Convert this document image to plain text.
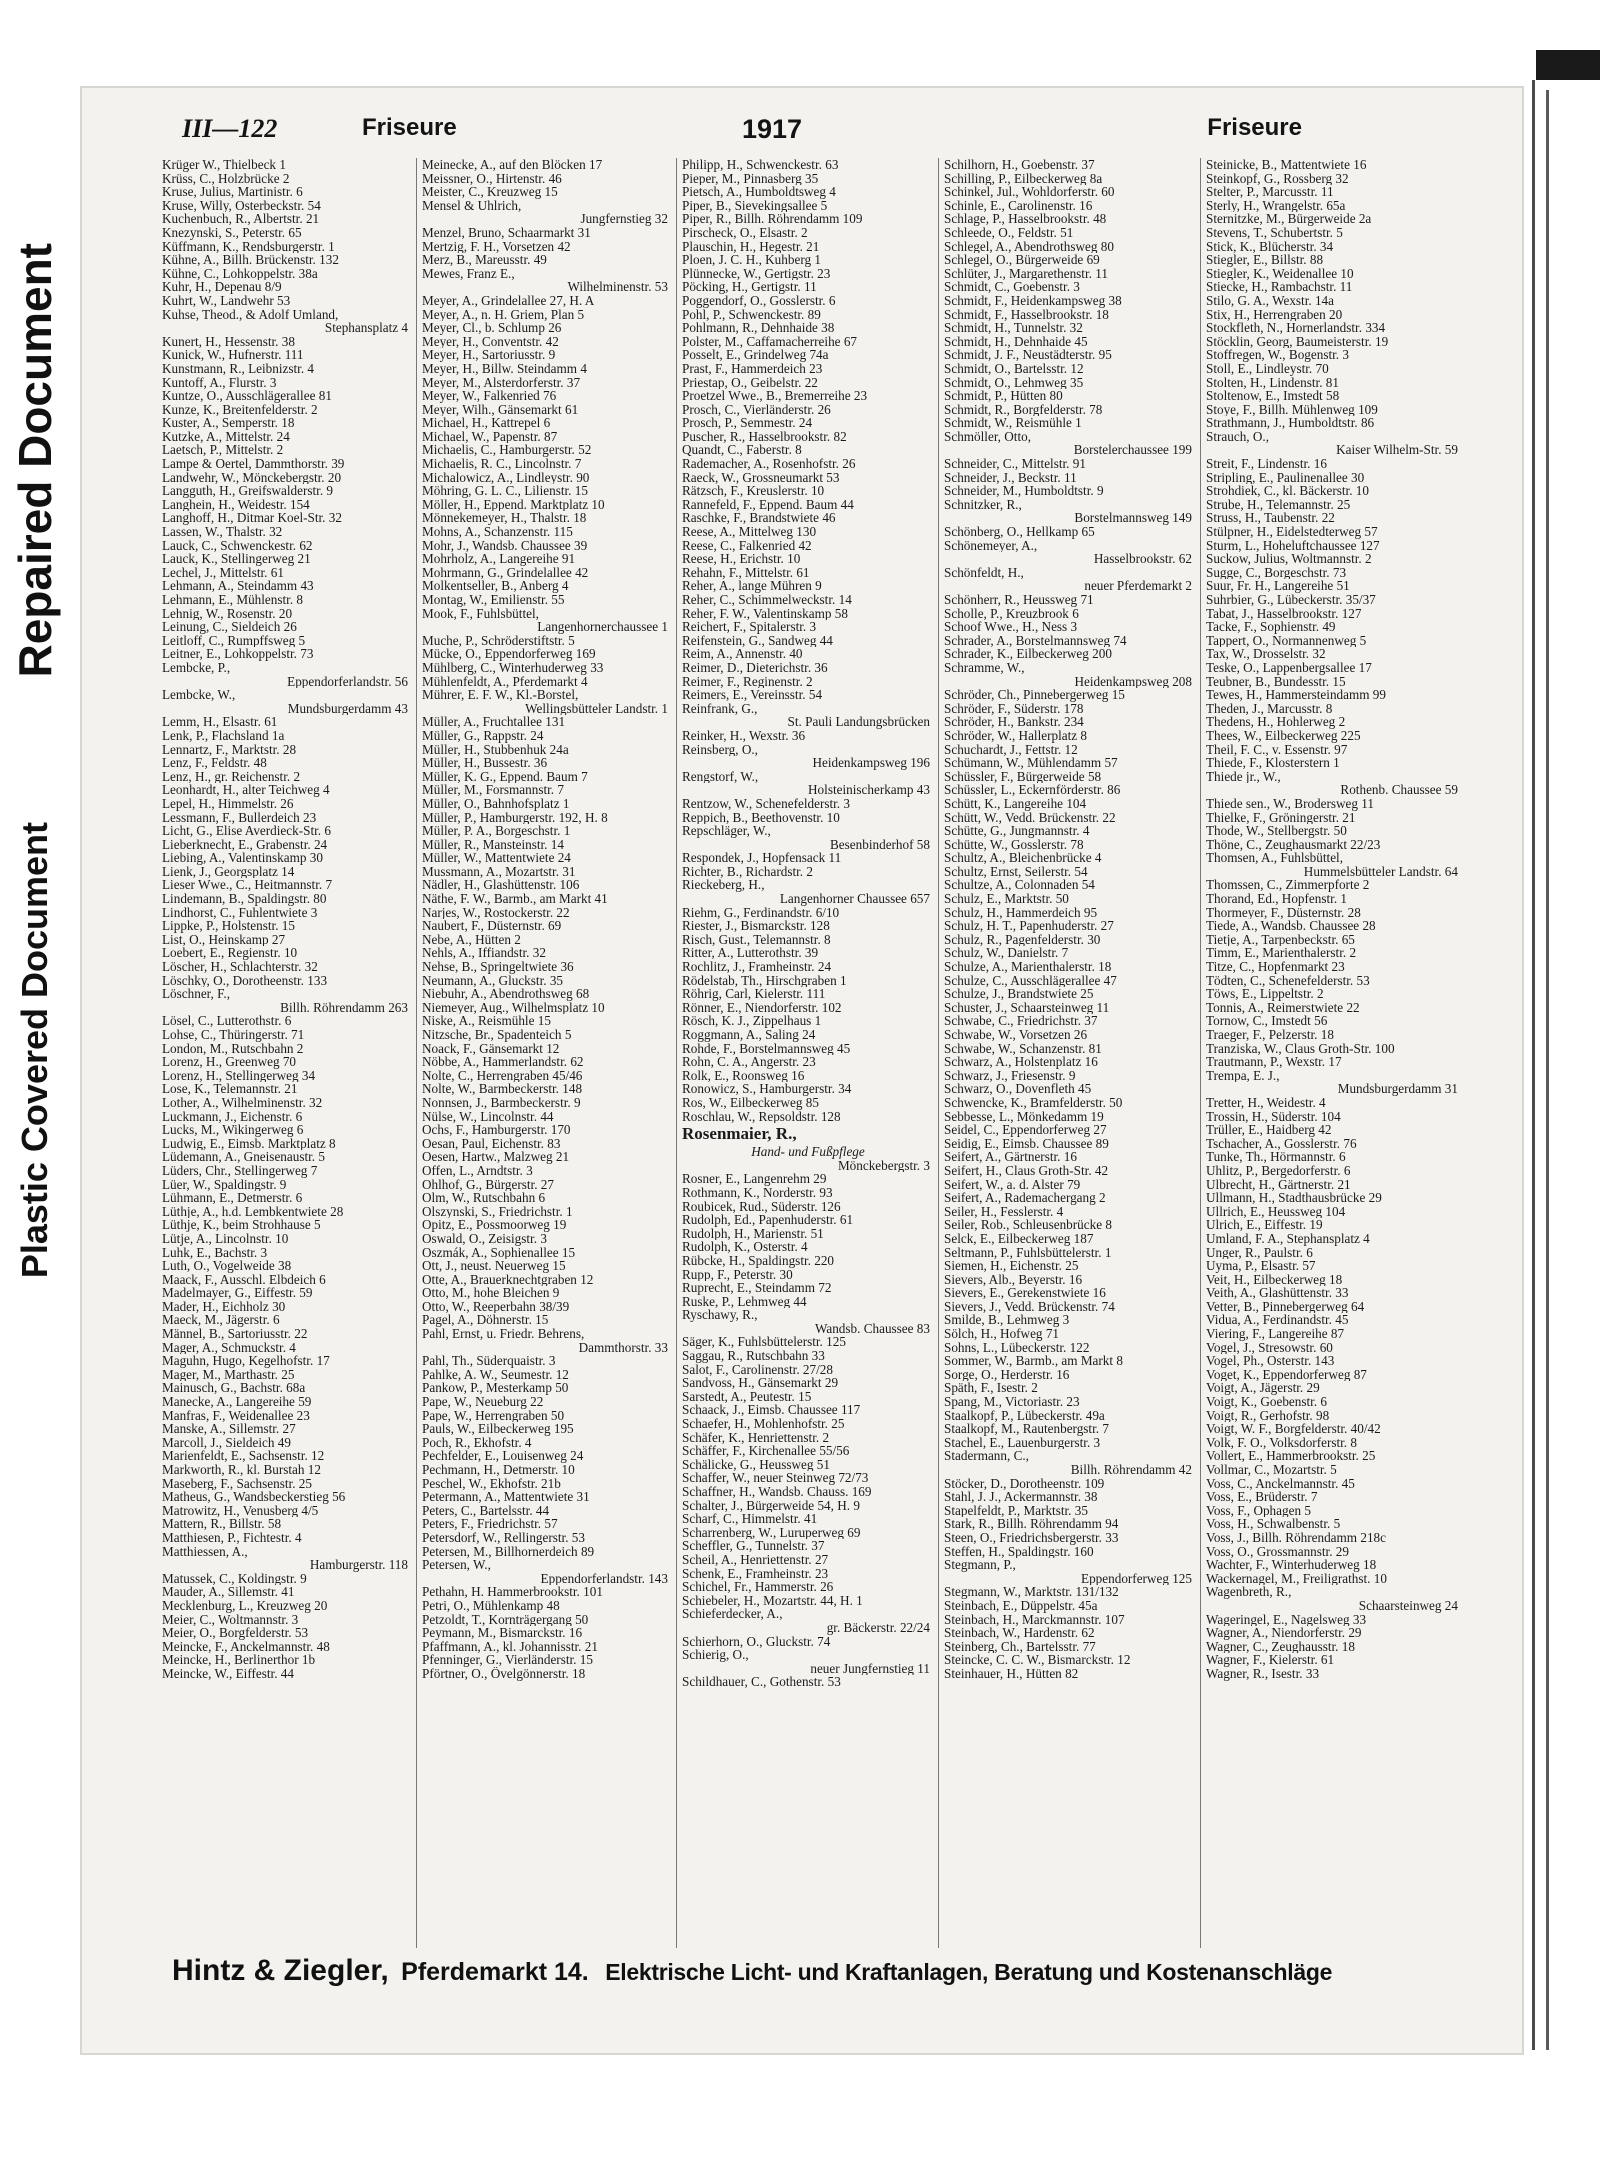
Repaired Document
Plastic Covered Document
III—122	Friseure	1917	Friseure
Krüger W., Thielbeck 1
Krüss, C., Holzbrücke 2
Kruse, Julius, Martinistr. 6
Kruse, Willy, Osterbeckstr. 54
Kuchenbuch, R., Albertstr. 21
Knezynski, S., Peterstr. 65
Küffmann, K., Rendsburgerstr. 1
Kühne, A., Billh. Brückenstr. 132
Kühne, C., Lohkoppelstr. 38a
Kuhr, H., Depenau 8/9
Kuhrt, W., Landwehr 53
Kuhse, Theod., & Adolf Umland,
Stephansplatz 4
Kunert, H., Hessenstr. 38
Kunick, W., Hufnerstr. 111
Kunstmann, R., Leibnizstr. 4
Kuntoff, A., Flurstr. 3
Kuntze, O., Ausschlägerallee 81
Kunze, K., Breitenfelderstr. 2
Kuster, A., Semperstr. 18
Kutzke, A., Mittelstr. 24
Laetsch, P., Mittelstr. 2
Lampe & Oertel, Dammthorstr. 39
Landwehr, W., Mönckebergstr. 20
Langguth, H., Greifswalderstr. 9
Langhein, H., Weidestr. 154
Langhoff, H., Ditmar Koel-Str. 32
Lassen, W., Thalstr. 32
Lauck, C., Schwenckestr. 62
Lauck, K., Stellingerweg 21
Lechel, J., Mittelstr. 61
Lehmann, A., Steindamm 43
Lehmann, E., Mühlenstr. 8
Lehnig, W., Rosenstr. 20
Leinung, C., Sieldeich 26
Leitloff, C., Rumpffsweg 5
Leitner, E., Lohkoppelstr. 73
Lembcke, P.,
Eppendorferlandstr. 56
Lembcke, W.,
Mundsburgerdamm 43
Lemm, H., Elsastr. 61
Lenk, P., Flachsland 1a
Lennartz, F., Marktstr. 28
Lenz, F., Feldstr. 48
Lenz, H., gr. Reichenstr. 2
Leonhardt, H., alter Teichweg 4
Lepel, H., Himmelstr. 26
Lessmann, F., Bullerdeich 23
Licht, G., Elise Averdieck-Str. 6
Lieberknecht, E., Grabenstr. 24
Liebing, A., Valentinskamp 30
Lienk, J., Georgsplatz 14
Lieser Wwe., C., Heitmannstr. 7
Lindemann, B., Spaldingstr. 80
Lindhorst, C., Fuhlentwiete 3
Lippke, P., Holstenstr. 15
List, O., Heinskamp 27
Loebert, E., Regienstr. 10
Löscher, H., Schlachterstr. 32
Löschky, O., Dorotheenstr. 133
Löschner, F.,
Billh. Röhrendamm 263
Lösel, C., Lutterothstr. 6
Lohse, C., Thüringerstr. 71
London, M., Rutschbahn 2
Lorenz, H., Greenweg 70
Lorenz, H., Stellingerweg 34
Lose, K., Telemannstr. 21
Lother, A., Wilhelminenstr. 32
Luckmann, J., Eichenstr. 6
Lucks, M., Wikingerweg 6
Ludwig, E., Eimsb. Marktplatz 8
Lüdemann, A., Gneisenaustr. 5
Lüders, Chr., Stellingerweg 7
Lüer, W., Spaldingstr. 9
Lühmann, E., Detmerstr. 6
Lüthje, A., h.d. Lembkentwiete 28
Lüthje, K., beim Strohhause 5
Lütje, A., Lincolnstr. 10
Luhk, E., Bachstr. 3
Luth, O., Vogelweide 38
Maack, F., Ausschl. Elbdeich 6
Madelmayer, G., Eiffestr. 59
Mader, H., Eichholz 30
Maeck, M., Jägerstr. 6
Männel, B., Sartoriusstr. 22
Mager, A., Schmuckstr. 4
Maguhn, Hugo, Kegelhofstr. 17
Mager, M., Marthastr. 25
Mainusch, G., Bachstr. 68a
Manecke, A., Langereihe 59
Manfras, F., Weidenallee 23
Manske, A., Sillemstr. 27
Marcoll, J., Sieldeich 49
Marienfeldt, E., Sachsenstr. 12
Markworth, R., kl. Burstah 12
Maseberg, F., Sachsenstr. 25
Matheus, G., Wandsbeckerstieg 56
Matrowitz, H., Venusberg 4/5
Mattern, R., Billstr. 58
Matthiesen, P., Fichtestr. 4
Matthiessen, A.,
Hamburgerstr. 118
Matussek, C., Koldingstr. 9
Mauder, A., Sillemstr. 41
Mecklenburg, L., Kreuzweg 20
Meier, C., Woltmannstr. 3
Meier, O., Borgfelderstr. 53
Meincke, F., Anckelmannstr. 48
Meincke, H., Berlinerthor 1b
Meincke, W., Eiffestr. 44
Meinecke, A., auf den Blöcken 17
Meissner, O., Hirtenstr. 46
Meister, C., Kreuzweg 15
Mensel & Uhlrich,
Jungfernstieg 32
Menzel, Bruno, Schaarmarkt 31
Mertzig, F. H., Vorsetzen 42
Merz, B., Mareusstr. 49
Mewes, Franz E.,
Wilhelminenstr. 53
Meyer, A., Grindelallee 27, H. A
Meyer, A., n. H. Griem, Plan 5
Meyer, Cl., b. Schlump 26
Meyer, H., Conventstr. 42
Meyer, H., Sartoriusstr. 9
Meyer, H., Billw. Steindamm 4
Meyer, M., Alsterdorferstr. 37
Meyer, W., Falkenried 76
Meyer, Wilh., Gänsemarkt 61
Michael, H., Kattrepel 6
Michael, W., Papenstr. 87
Michaelis, C., Hamburgerstr. 52
Michaelis, R. C., Lincolnstr. 7
Michalowicz, A., Lindleystr. 90
Möhring, G. L. C., Lilienstr. 15
Möller, H., Eppend. Marktplatz 10
Mönnekemeyer, H., Thalstr. 18
Mohns, A., Schanzenstr. 115
Mohr, J., Wandsb. Chaussee 39
Mohrholz, A., Langereihe 91
Mohrmann, G., Grindelallee 42
Molkentseller, B., Anberg 4
Montag, W., Emilienstr. 55
Mook, F., Fuhlsbüttel,
Langenhornerchaussee 1
Muche, P., Schröderstiftstr. 5
Mücke, O., Eppendorferweg 169
Mühlberg, C., Winterhuderweg 33
Mühlenfeldt, A., Pferdemarkt 4
Mührer, E. F. W., Kl.-Borstel,
Wellingsbütteler Landstr. 1
Müller, A., Fruchtallee 131
Müller, G., Rappstr. 24
Müller, H., Stubbenhuk 24a
Müller, H., Bussestr. 36
Müller, K. G., Eppend. Baum 7
Müller, M., Forsmannstr. 7
Müller, O., Bahnhofsplatz 1
Müller, P., Hamburgerstr. 192, H. 8
Müller, P. A., Borgeschstr. 1
Müller, R., Mansteinstr. 14
Müller, W., Mattentwiete 24
Mussmann, A., Mozartstr. 31
Nädler, H., Glashüttenstr. 106
Näthe, F. W., Barmb., am Markt 41
Narjes, W., Rostockerstr. 22
Naubert, F., Düsternstr. 69
Nebe, A., Hütten 2
Nehls, A., Iffiandstr. 32
Nehse, B., Springeltwiete 36
Neumann, A., Gluckstr. 35
Niebuhr, A., Abendrothsweg 68
Niemeyer, Aug., Wilhelmsplatz 10
Niske, A., Reismühle 15
Nitzsche, Br., Spadenteich 5
Noack, F., Gänsemarkt 12
Nöbbe, A., Hammerlandstr. 62
Nolte, C., Herrengraben 45/46
Nolte, W., Barmbeckerstr. 148
Nonnsen, J., Barmbeckerstr. 9
Nülse, W., Lincolnstr. 44
Ochs, F., Hamburgerstr. 170
Oesan, Paul, Eichenstr. 83
Oesen, Hartw., Malzweg 21
Offen, L., Arndtstr. 3
Ohlhof, G., Bürgerstr. 27
Olm, W., Rutschbahn 6
Olszynski, S., Friedrichstr. 1
Opitz, E., Possmoorweg 19
Oswald, O., Zeisigstr. 3
Oszmák, A., Sophienallee 15
Ott, J., neust. Neuerweg 15
Otte, A., Brauerknechtgraben 12
Otto, M., hohe Bleichen 9
Otto, W., Reeperbahn 38/39
Pagel, A., Döhnerstr. 15
Pahl, Ernst, u. Friedr. Behrens,
Dammthorstr. 33
Pahl, Th., Süderquaistr. 3
Pahlke, A. W., Seumestr. 12
Pankow, P., Mesterkamp 50
Pape, W., Neueburg 22
Pape, W., Herrengraben 50
Pauls, W., Eilbeckerweg 195
Poch, R., Ekhofstr. 4
Pechfelder, E., Louisenweg 24
Pechmann, H., Detmerstr. 10
Peschel, W., Ekhofstr. 21b
Petermann, A., Mattentwiete 31
Peters, C., Bartelsstr. 44
Peters, F., Friedrichstr. 57
Petersdorf, W., Rellingerstr. 53
Petersen, M., Billhornerdeich 89
Petersen, W.,
Eppendorferlandstr. 143
Pethahn, H. Hammerbrookstr. 101
Petri, O., Mühlenkamp 48
Petzoldt, T., Kornträgergang 50
Peymann, M., Bismarckstr. 16
Pfaffmann, A., kl. Johannisstr. 21
Pfenninger, G., Vierländerstr. 15
Pförtner, O., Övelgönnerstr. 18
Philipp, H., Schwenckestr. 63
Pieper, M., Pinnasberg 35
Pietsch, A., Humboldtsweg 4
Piper, B., Sievekingsallee 5
Piper, R., Billh. Röhrendamm 109
Pirscheck, O., Elsastr. 2
Plauschin, H., Hegestr. 21
Ploen, J. C. H., Kuhberg 1
Plünnecke, W., Gertigstr. 23
Pöcking, H., Gertigstr. 11
Poggendorf, O., Gosslerstr. 6
Pohl, P., Schwenckestr. 89
Pohlmann, R., Dehnhaide 38
Polster, M., Caffamacherreihe 67
Posselt, E., Grindelweg 74a
Prast, F., Hammerdeich 23
Priestap, O., Geibelstr. 22
Proetzel Wwe., B., Bremerreihe 23
Prosch, C., Vierländerstr. 26
Prosch, P., Semmestr. 24
Puscher, R., Hasselbrookstr. 82
Quandt, C., Faberstr. 8
Rademacher, A., Rosenhofstr. 26
Raeck, W., Grossneumarkt 53
Rätzsch, F., Kreuslerstr. 10
Rannefeld, F., Eppend. Baum 44
Raschke, F., Brandstwiete 46
Reese, A., Mittelweg 130
Reese, C., Falkenried 42
Reese, H., Erichstr. 10
Rehahn, F., Mittelstr. 61
Reher, A., lange Mühren 9
Reher, C., Schimmelweckstr. 14
Reher, F. W., Valentinskamp 58
Reichert, F., Spitalerstr. 3
Reifenstein, G., Sandweg 44
Reim, A., Annenstr. 40
Reimer, D., Dieterichstr. 36
Reimer, F., Reginenstr. 2
Reimers, E., Vereinsstr. 54
Reinfrank, G.,
St. Pauli Landungsbrücken
Reinker, H., Wexstr. 36
Reinsberg, O.,
Heidenkampsweg 196
Rengstorf, W.,
Holsteinischerkamp 43
Rentzow, W., Schenefelderstr. 3
Reppich, B., Beethovenstr. 10
Repschläger, W.,
Besenbinderhof 58
Respondek, J., Hopfensack 11
Richter, B., Richardstr. 2
Rieckeberg, H.,
Langenhorner Chaussee 657
Riehm, G., Ferdinandstr. 6/10
Riester, J., Bismarckstr. 128
Risch, Gust., Telemannstr. 8
Ritter, A., Lutterothstr. 39
Rochlitz, J., Framheinstr. 24
Rödelstab, Th., Hirschgraben 1
Röhrig, Carl, Kielerstr. 111
Rönner, E., Niendorferstr. 102
Rösch, K. J., Zippelhaus 1
Roggmann, A., Saling 24
Rohde, F., Borstelmannsweg 45
Rohn, C. A., Angerstr. 23
Rolk, E., Roonsweg 16
Ronowicz, S., Hamburgerstr. 34
Ros, W., Eilbeckerweg 85
Roschlau, W., Repsoldstr. 128
Rosenmaier, R.,
Hand- und Fußpflege
Mönckebergstr. 3
Rosner, E., Langenrehm 29
Rothmann, K., Norderstr. 93
Roubicek, Rud., Süderstr. 126
Rudolph, Ed., Papenhuderstr. 61
Rudolph, H., Marienstr. 51
Rudolph, K., Osterstr. 4
Rübcke, H., Spaldingstr. 220
Rupp, F., Peterstr. 30
Ruprecht, E., Steindamm 72
Ruske, P., Lehmweg 44
Ryschawy, R.,
Wandsb. Chaussee 83
Säger, K., Fuhlsbüttelerstr. 125
Saggau, R., Rutschbahn 33
Salot, F., Carolinenstr. 27/28
Sandvoss, H., Gänsemarkt 29
Sarstedt, A., Peutestr. 15
Schaack, J., Eimsb. Chaussee 117
Schaefer, H., Mohlenhofstr. 25
Schäfer, K., Henriettenstr. 2
Schäffer, F., Kirchenallee 55/56
Schälicke, G., Heussweg 51
Schaffer, W., neuer Steinweg 72/73
Schaffner, H., Wandsb. Chauss. 169
Schalter, J., Bürgerweide 54, H. 9
Scharf, C., Himmelstr. 41
Scharrenberg, W., Luruperweg 69
Scheffler, G., Tunnelstr. 37
Scheil, A., Henriettenstr. 27
Schenk, E., Framheinstr. 23
Schichel, Fr., Hammerstr. 26
Schiebeler, H., Mozartstr. 44, H. 1
Schieferdecker, A.,
gr. Bäckerstr. 22/24
Schierhorn, O., Gluckstr. 74
Schierig, O.,
neuer Jungfernstieg 11
Schildhauer, C., Gothenstr. 53
Schilhorn, H., Goebenstr. 37
Schilling, P., Eilbeckerweg 8a
Schinkel, Jul., Wohldorferstr. 60
Schinle, E., Carolinenstr. 16
Schlage, P., Hasselbrookstr. 48
Schleede, O., Feldstr. 51
Schlegel, A., Abendrothsweg 80
Schlegel, O., Bürgerweide 69
Schlüter, J., Margarethenstr. 11
Schmidt, C., Goebenstr. 3
Schmidt, F., Heidenkampsweg 38
Schmidt, F., Hasselbrookstr. 18
Schmidt, H., Tunnelstr. 32
Schmidt, H., Dehnhaide 45
Schmidt, J. F., Neustädterstr. 95
Schmidt, O., Bartelsstr. 12
Schmidt, O., Lehmweg 35
Schmidt, P., Hütten 80
Schmidt, R., Borgfelderstr. 78
Schmidt, W., Reismühle 1
Schmöller, Otto,
Borstelerchaussee 199
Schneider, C., Mittelstr. 91
Schneider, J., Beckstr. 11
Schneider, M., Humboldtstr. 9
Schnitzker, R.,
Borstelmannsweg 149
Schönberg, O., Hellkamp 65
Schönemeyer, A.,
Hasselbrookstr. 62
Schönfeldt, H.,
neuer Pferdemarkt 2
Schönherr, R., Heussweg 71
Scholle, P., Kreuzbrook 6
Schoof Wwe., H., Ness 3
Schrader, A., Borstelmannsweg 74
Schrader, K., Eilbeckerweg 200
Schramme, W.,
Heidenkampsweg 208
Schröder, Ch., Pinnebergerweg 15
Schröder, F., Süderstr. 178
Schröder, H., Bankstr. 234
Schröder, W., Hallerplatz 8
Schuchardt, J., Fettstr. 12
Schümann, W., Mühlendamm 57
Schüssler, F., Bürgerweide 58
Schüssler, L., Eckernförderstr. 86
Schütt, K., Langereihe 104
Schütt, W., Vedd. Brückenstr. 22
Schütte, G., Jungmannstr. 4
Schütte, W., Gosslerstr. 78
Schultz, A., Bleichenbrücke 4
Schultz, Ernst, Seilerstr. 54
Schultze, A., Colonnaden 54
Schulz, E., Marktstr. 50
Schulz, H., Hammerdeich 95
Schulz, H. T., Papenhuderstr. 27
Schulz, R., Pagenfelderstr. 30
Schulz, W., Danielstr. 7
Schulze, A., Marienthalerstr. 18
Schulze, C., Ausschlägerallee 47
Schulze, J., Brandstwiete 25
Schuster, J., Schaarsteinweg 11
Schwabe, C., Friedrichstr. 37
Schwabe, W., Vorsetzen 26
Schwabe, W., Schanzenstr. 81
Schwarz, A., Holstenplatz 16
Schwarz, J., Friesenstr. 9
Schwarz, O., Dovenfleth 45
Schwencke, K., Bramfelderstr. 50
Sebbesse, L., Mönkedamm 19
Seidel, C., Eppendorferweg 27
Seidig, E., Eimsb. Chaussee 89
Seifert, A., Gärtnerstr. 16
Seifert, H., Claus Groth-Str. 42
Seifert, W., a. d. Alster 79
Seifert, A., Rademachergang 2
Seiler, H., Fesslerstr. 4
Seiler, Rob., Schleusenbrücke 8
Selck, E., Eilbeckerweg 187
Seltmann, P., Fuhlsbüttelerstr. 1
Siemen, H., Eichenstr. 25
Sievers, Alb., Beyerstr. 16
Sievers, E., Gerekenstwiete 16
Sievers, J., Vedd. Brückenstr. 74
Smilde, B., Lehmweg 3
Sölch, H., Hofweg 71
Sohns, L., Lübeckerstr. 122
Sommer, W., Barmb., am Markt 8
Sorge, O., Herderstr. 16
Späth, F., Isestr. 2
Spang, M., Victoriastr. 23
Staalkopf, P., Lübeckerstr. 49a
Staalkopf, M., Rautenbergstr. 7
Stachel, E., Lauenburgerstr. 3
Stadermann, C.,
Billh. Röhrendamm 42
Stöcker, D., Dorotheenstr. 109
Stahl, J. J., Ackermannstr. 38
Stapelfeldt, P., Marktstr. 35
Stark, R., Billh. Röhrendamm 94
Steen, O., Friedrichsbergerstr. 33
Steffen, H., Spaldingstr. 160
Stegmann, P.,
Eppendorferweg 125
Stegmann, W., Marktstr. 131/132
Steinbach, E., Düppelstr. 45a
Steinbach, H., Marckmannstr. 107
Steinbach, W., Hardenstr. 62
Steinberg, Ch., Bartelsstr. 77
Steincke, C. C. W., Bismarckstr. 12
Steinhauer, H., Hütten 82
Steinicke, B., Mattentwiete 16
Steinkopf, G., Rossberg 32
Stelter, P., Marcusstr. 11
Sterly, H., Wrangelstr. 65a
Sternitzke, M., Bürgerweide 2a
Stevens, T., Schubertstr. 5
Stick, K., Blücherstr. 34
Stiegler, E., Billstr. 88
Stiegler, K., Weidenallee 10
Stiecke, H., Rambachstr. 11
Stilo, G. A., Wexstr. 14a
Stix, H., Herrengraben 20
Stockfleth, N., Hornerlandstr. 334
Stöcklin, Georg, Baumeisterstr. 19
Stoffregen, W., Bogenstr. 3
Stoll, E., Lindleystr. 70
Stolten, H., Lindenstr. 81
Stoltenow, E., Imstedt 58
Stoye, F., Billh. Mühlenweg 109
Strathmann, J., Humboldtstr. 86
Strauch, O.,
Kaiser Wilhelm-Str. 59
Streit, F., Lindenstr. 16
Stripling, E., Paulinenallee 30
Strohdiek, C., kl. Bäckerstr. 10
Strube, H., Telemannstr. 25
Struss, H., Taubenstr. 22
Stülpner, H., Eidelstedterweg 57
Sturm, L., Hoheluftchaussee 127
Suckow, Julius, Woltmannstr. 2
Sugge, C., Borgeschstr. 73
Suur, Fr. H., Langereihe 51
Suhrbier, G., Lübeckerstr. 35/37
Tabat, J., Hasselbrookstr. 127
Tacke, F., Sophienstr. 49
Tappert, O., Normannenweg 5
Tax, W., Drosselstr. 32
Teske, O., Lappenbergsallee 17
Teubner, B., Bundesstr. 15
Tewes, H., Hammersteindamm 99
Theden, J., Marcusstr. 8
Thedens, H., Hohlerweg 2
Thees, W., Eilbeckerweg 225
Theil, F. C., v. Essenstr. 97
Thiede, F., Klosterstern 1
Thiede jr., W.,
Rothenb. Chaussee 59
Thiede sen., W., Brodersweg 11
Thielke, F., Gröningerstr. 21
Thode, W., Stellbergstr. 50
Thöne, C., Zeughausmarkt 22/23
Thomsen, A., Fuhlsbüttel,
Hummelsbütteler Landstr. 64
Thomssen, C., Zimmerpforte 2
Thorand, Ed., Hopfenstr. 1
Thormeyer, F., Düsternstr. 28
Tiede, A., Wandsb. Chaussee 28
Tietje, A., Tarpenbeckstr. 65
Timm, E., Marienthalerstr. 2
Titze, C., Hopfenmarkt 23
Tödten, C., Schenefelderstr. 53
Töws, E., Lippeltstr. 2
Tonnis, A., Reimerstwiete 22
Tornow, C., Imstedt 56
Traeger, F., Pelzerstr. 18
Tranziska, W., Claus Groth-Str. 100
Trautmann, P., Wexstr. 17
Trempa, E. J.,
Mundsburgerdamm 31
Tretter, H., Weidestr. 4
Trossin, H., Süderstr. 104
Trüller, E., Haidberg 42
Tschacher, A., Gosslerstr. 76
Tunke, Th., Hörmannstr. 6
Uhlitz, P., Bergedorferstr. 6
Ulbrecht, H., Gärtnerstr. 21
Ullmann, H., Stadthausbrücke 29
Ullrich, E., Heussweg 104
Ulrich, E., Eiffestr. 19
Umland, F. A., Stephansplatz 4
Unger, R., Paulstr. 6
Uyma, P., Elsastr. 57
Veit, H., Eilbeckerweg 18
Veith, A., Glashüttenstr. 33
Vetter, B., Pinnebergerweg 64
Vidua, A., Ferdinandstr. 45
Viering, F., Langereihe 87
Vogel, J., Stresowstr. 60
Vogel, Ph., Osterstr. 143
Voget, K., Eppendorferweg 87
Voigt, A., Jägerstr. 29
Voigt, K., Goebenstr. 6
Voigt, R., Gerhofstr. 98
Voigt, W. F., Borgfelderstr. 40/42
Volk, F. O., Volksdorferstr. 8
Vollert, E., Hammerbrookstr. 25
Vollmar, C., Mozartstr. 5
Voss, C., Anckelmannstr. 45
Voss, E., Brüderstr. 7
Voss, F., Ophagen 5
Voss, H., Schwalbenstr. 5
Voss, J., Billh. Röhrendamm 218c
Voss, O., Grossmannstr. 29
Wachter, F., Winterhuderweg 18
Wackernagel, M., Freiligrathst. 10
Wagenbreth, R.,
Schaarsteinweg 24
Wageringel, E., Nagelsweg 33
Wagner, A., Niendorferstr. 29
Wagner, C., Zeughausstr. 18
Wagner, F., Kielerstr. 61
Wagner, R., Isestr. 33
Hintz & Ziegler, Pferdemarkt 14. Elektrische Licht- und Kraftanlagen, Beratung und Kostenanschläge
